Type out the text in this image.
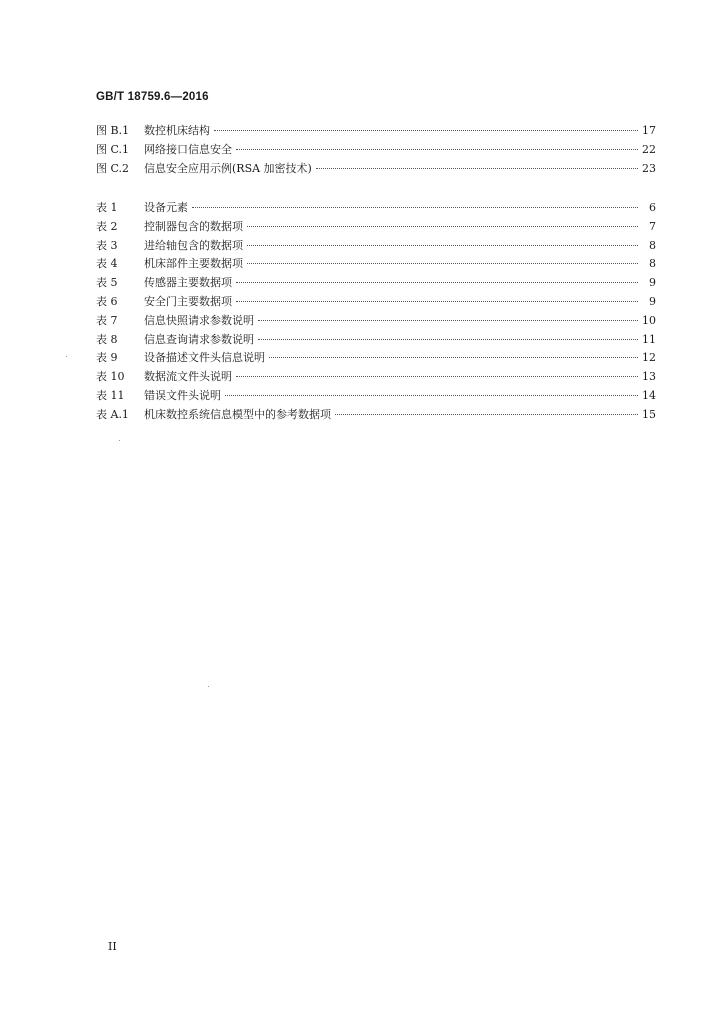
GB/T 18759.6—2016
图 B.1	数控机床结构	17
图 C.1	网络接口信息安全	22
图 C.2	信息安全应用示例(RSA 加密技术)	23
表 1	设备元素	6
表 2	控制器包含的数据项	7
表 3	进给轴包含的数据项	8
表 4	机床部件主要数据项	8
表 5	传感器主要数据项	9
表 6	安全门主要数据项	9
表 7	信息快照请求参数说明	10
表 8	信息查询请求参数说明	11
表 9	设备描述文件头信息说明	12
表 10	数据流文件头说明	13
表 11	错误文件头说明	14
表 A.1	机床数控系统信息模型中的参考数据项	15
II
